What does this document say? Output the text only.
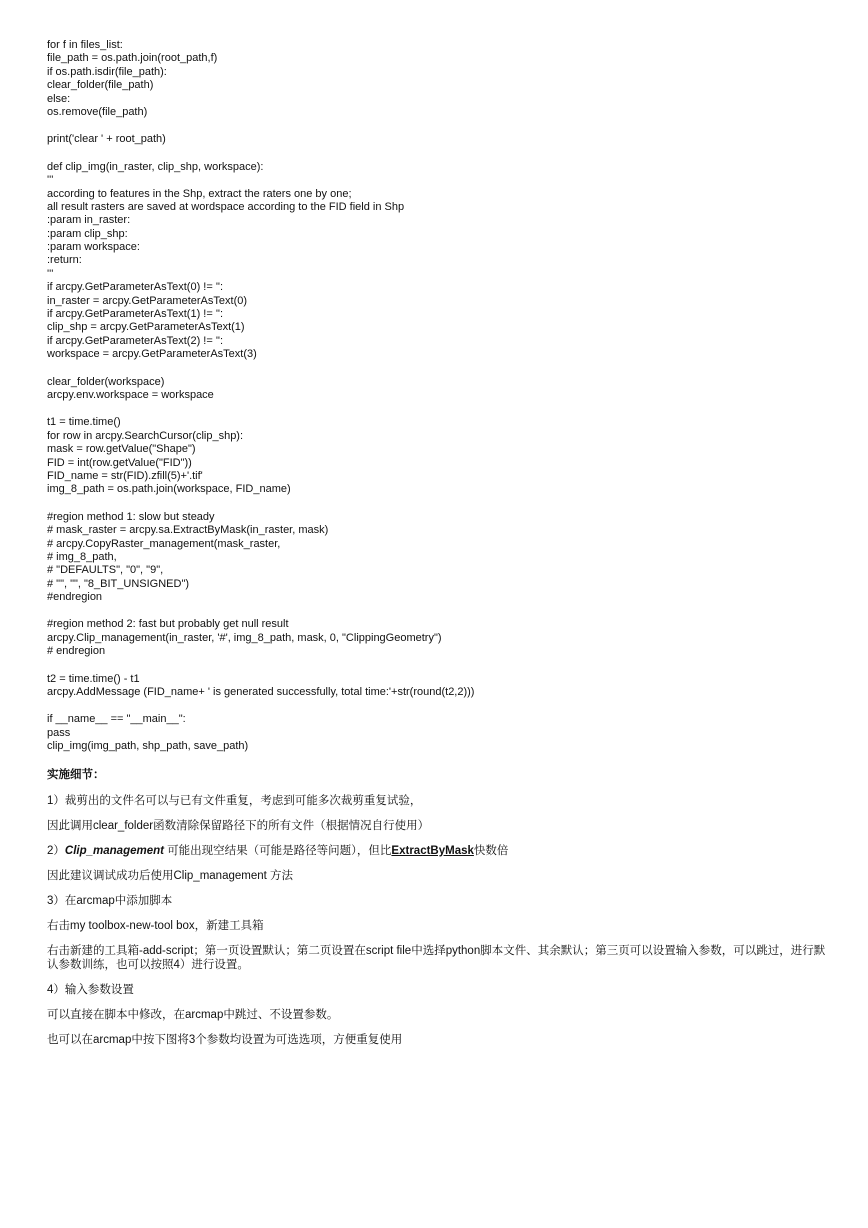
for f in files_list:
file_path = os.path.join(root_path,f)
if os.path.isdir(file_path):
clear_folder(file_path)
else:
os.remove(file_path)
print('clear ' + root_path)
def clip_img(in_raster, clip_shp, workspace):
'''
according to features in the Shp, extract the raters one by one;
all result rasters are saved at wordspace according to the FID field in Shp
:param in_raster:
:param clip_shp:
:param workspace:
:return:
'''
if arcpy.GetParameterAsText(0) != '':
in_raster = arcpy.GetParameterAsText(0)
if arcpy.GetParameterAsText(1) != '':
clip_shp = arcpy.GetParameterAsText(1)
if arcpy.GetParameterAsText(2) != '':
workspace = arcpy.GetParameterAsText(3)
clear_folder(workspace)
arcpy.env.workspace = workspace
t1 = time.time()
for row in arcpy.SearchCursor(clip_shp):
mask = row.getValue("Shape")
FID = int(row.getValue("FID"))
FID_name = str(FID).zfill(5)+'.tif'
img_8_path = os.path.join(workspace, FID_name)
#region method 1: slow but steady
# mask_raster = arcpy.sa.ExtractByMask(in_raster, mask)
# arcpy.CopyRaster_management(mask_raster,
# img_8_path,
# "DEFAULTS", "0", "9",
# "", "", "8_BIT_UNSIGNED")
#endregion
#region method 2: fast but probably get null result
arcpy.Clip_management(in_raster, '#', img_8_path, mask, 0, "ClippingGeometry")
# endregion
t2 = time.time() - t1
arcpy.AddMessage (FID_name+ ' is generated successfully, total time:'+str(round(t2,2)))
if __name__ == "__main__":
pass
clip_img(img_path, shp_path, save_path)
实施细节：

1）裁剪出的文件名可以与已有文件重复，考虑到可能多次裁剪重复试验，

因此调用clear_folder函数清除保留路径下的所有文件（根据情况自行使用）

2）Clip_management 可能出现空结果（可能是路径等问题），但比ExtractByMask快数倍

因此建议调试成功后使用Clip_management 方法

3）在arcmap中添加脚本

右击my toolbox-new-tool box，新建工具箱

右击新建的工具箱-add-script；第一页设置默认；第二页设置在script file中选择python脚本文件、其余默认；第三页可以设置输入参数，可以跳过，进行默认参数训练，也可以按照4）进行设置。

4）输入参数设置

可以直接在脚本中修改，在arcmap中跳过、不设置参数。

也可以在arcmap中按下图将3个参数均设置为可选选项，方便重复使用
